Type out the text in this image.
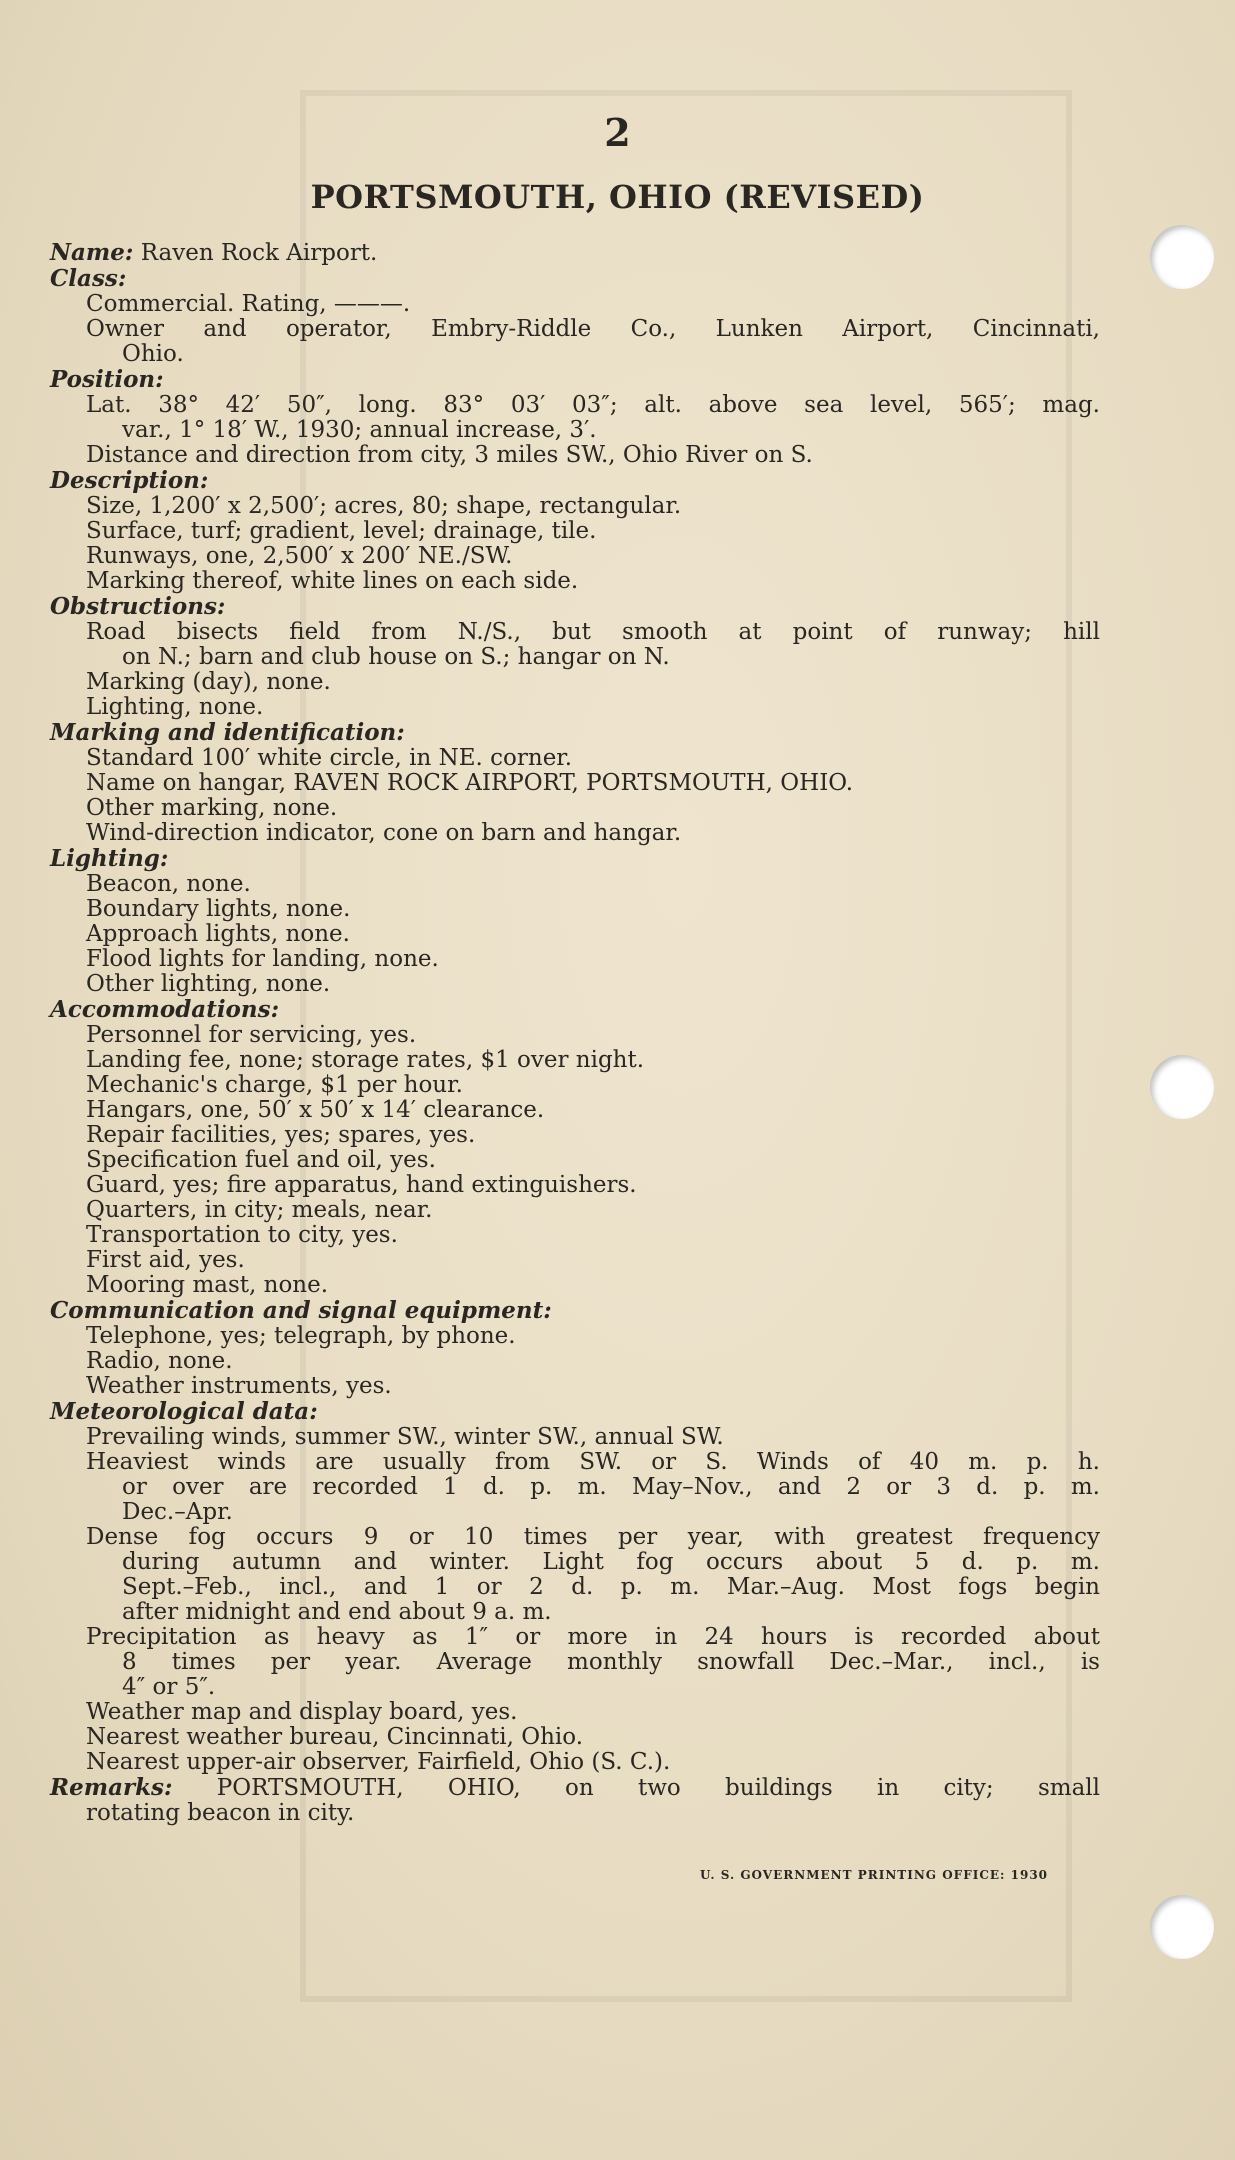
2
PORTSMOUTH, OHIO (REVISED)
Name: Raven Rock Airport.
Class:
Commercial. Rating, ———.
Owner and operator, Embry-Riddle Co., Lunken Airport, Cincinnati,
Ohio.
Position:
Lat. 38° 42′ 50″, long. 83° 03′ 03″; alt. above sea level, 565′; mag.
var., 1° 18′ W., 1930; annual increase, 3′.
Distance and direction from city, 3 miles SW., Ohio River on S.
Description:
Size, 1,200′ x 2,500′; acres, 80; shape, rectangular.
Surface, turf; gradient, level; drainage, tile.
Runways, one, 2,500′ x 200′ NE./SW.
Marking thereof, white lines on each side.
Obstructions:
Road bisects field from N./S., but smooth at point of runway; hill
on N.; barn and club house on S.; hangar on N.
Marking (day), none.
Lighting, none.
Marking and identification:
Standard 100′ white circle, in NE. corner.
Name on hangar, RAVEN ROCK AIRPORT, PORTSMOUTH, OHIO.
Other marking, none.
Wind-direction indicator, cone on barn and hangar.
Lighting:
Beacon, none.
Boundary lights, none.
Approach lights, none.
Flood lights for landing, none.
Other lighting, none.
Accommodations:
Personnel for servicing, yes.
Landing fee, none; storage rates, $1 over night.
Mechanic's charge, $1 per hour.
Hangars, one, 50′ x 50′ x 14′ clearance.
Repair facilities, yes; spares, yes.
Specification fuel and oil, yes.
Guard, yes; fire apparatus, hand extinguishers.
Quarters, in city; meals, near.
Transportation to city, yes.
First aid, yes.
Mooring mast, none.
Communication and signal equipment:
Telephone, yes; telegraph, by phone.
Radio, none.
Weather instruments, yes.
Meteorological data:
Prevailing winds, summer SW., winter SW., annual SW.
Heaviest winds are usually from SW. or S. Winds of 40 m. p. h.
or over are recorded 1 d. p. m. May–Nov., and 2 or 3 d. p. m.
Dec.–Apr.
Dense fog occurs 9 or 10 times per year, with greatest frequency
during autumn and winter. Light fog occurs about 5 d. p. m.
Sept.–Feb., incl., and 1 or 2 d. p. m. Mar.–Aug. Most fogs begin
after midnight and end about 9 a. m.
Precipitation as heavy as 1″ or more in 24 hours is recorded about
8 times per year. Average monthly snowfall Dec.–Mar., incl., is
4″ or 5″.
Weather map and display board, yes.
Nearest weather bureau, Cincinnati, Ohio.
Nearest upper-air observer, Fairfield, Ohio (S. C.).
Remarks: PORTSMOUTH, OHIO, on two buildings in city; small
rotating beacon in city.
U. S. GOVERNMENT PRINTING OFFICE: 1930
